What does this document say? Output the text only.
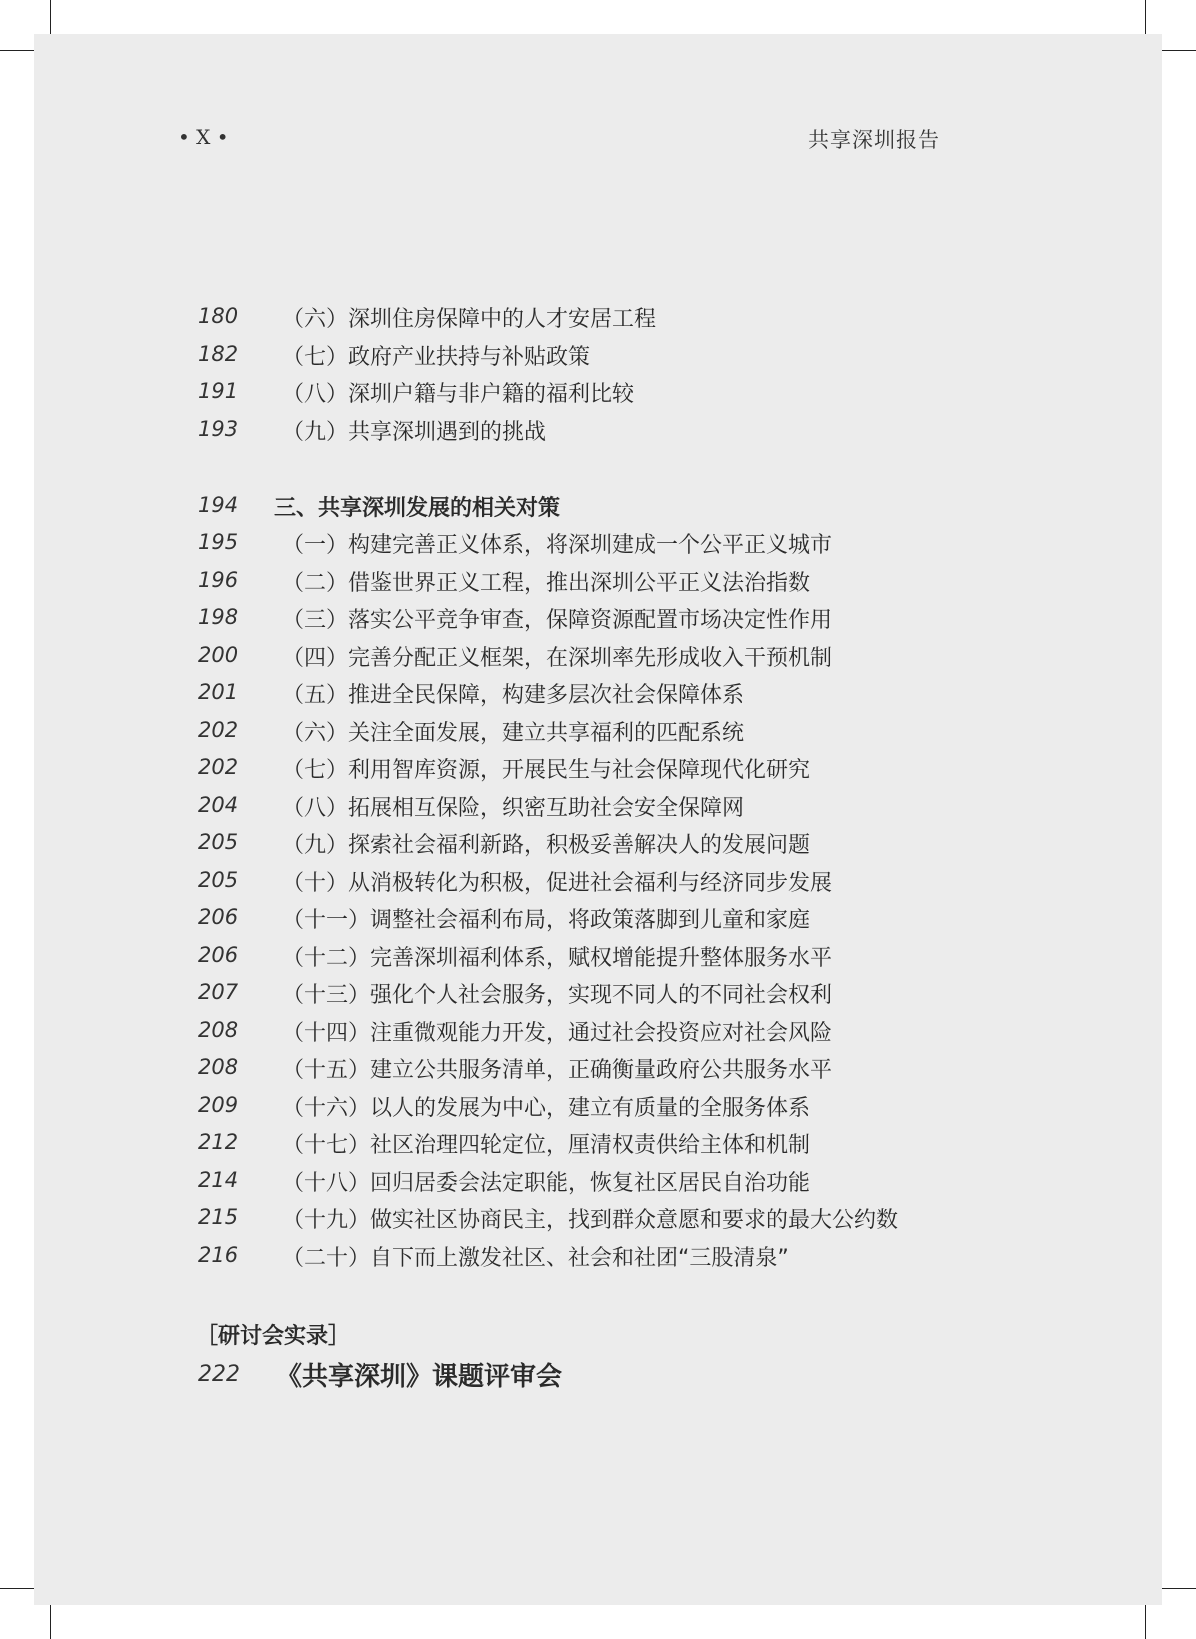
• X •	共享深圳报告
180 （六）深圳住房保障中的人才安居工程
182 （七）政府产业扶持与补贴政策
191 （八）深圳户籍与非户籍的福利比较
193 （九）共享深圳遇到的挑战
195 （一）构建完善正义体系，将深圳建成一个公平正义城市
196 （二）借鉴世界正义工程，推出深圳公平正义法治指数
198 （三）落实公平竞争审查，保障资源配置市场决定性作用
200 （四）完善分配正义框架，在深圳率先形成收入干预机制
201 （五）推进全民保障，构建多层次社会保障体系
202 （六）关注全面发展，建立共享福利的匹配系统
202 （七）利用智库资源，开展民生与社会保障现代化研究
204 （八）拓展相互保险，织密互助社会安全保障网
205 （九）探索社会福利新路，积极妥善解决人的发展问题
205 （十）从消极转化为积极，促进社会福利与经济同步发展
206 （十一）调整社会福利布局，将政策落脚到儿童和家庭
206 （十二）完善深圳福利体系，赋权增能提升整体服务水平
207 （十三）强化个人社会服务，实现不同人的不同社会权利
208 （十四）注重微观能力开发，通过社会投资应对社会风险
208 （十五）建立公共服务清单，正确衡量政府公共服务水平
209 （十六）以人的发展为中心，建立有质量的全服务体系
212 （十七）社区治理四轮定位，厘清权责供给主体和机制
214 （十八）回归居委会法定职能，恢复社区居民自治功能
215 （十九）做实社区协商民主，找到群众意愿和要求的最大公约数
216 （二十）自下而上激发社区、社会和社团“三股清泉”
194 三、共享深圳发展的相关对策
［研讨会实录］
222 《共享深圳》课题评审会
